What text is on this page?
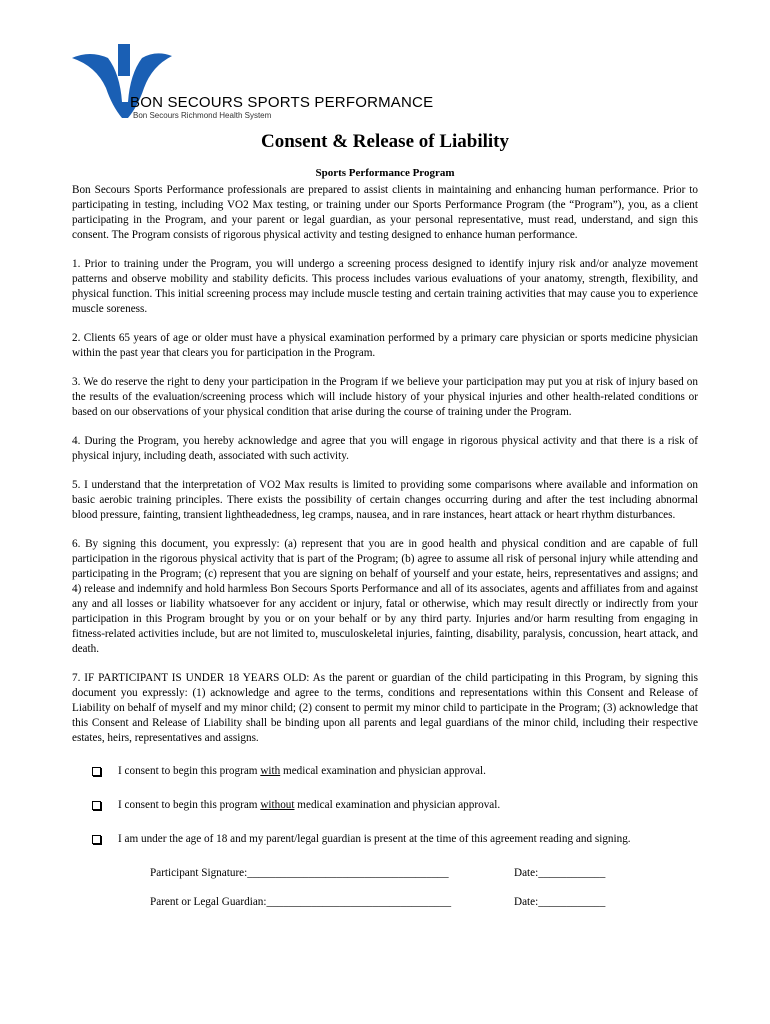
BON SECOURS SPORTS PERFORMANCE
Bon Secours Richmond Health System
Consent & Release of Liability
Sports Performance Program

Bon Secours Sports Performance professionals are prepared to assist clients in maintaining and enhancing human performance. Prior to participating in testing, including VO2 Max testing, or training under our Sports Performance Program (the “Program”), you, as a client participating in the Program, and your parent or legal guardian, as your personal representative, must read, understand, and sign this consent. The Program consists of rigorous physical activity and testing designed to enhance human performance.

1. Prior to training under the Program, you will undergo a screening process designed to identify injury risk and/or analyze movement patterns and observe mobility and stability deficits. This process includes various evaluations of your anatomy, strength, flexibility, and physical function. This initial screening process may include muscle testing and certain training activities that may cause you to experience muscle soreness.

2. Clients 65 years of age or older must have a physical examination performed by a primary care physician or sports medicine physician within the past year that clears you for participation in the Program.

3. We do reserve the right to deny your participation in the Program if we believe your participation may put you at risk of injury based on the results of the evaluation/screening process which will include history of your physical injuries and other health-related conditions or based on our observations of your physical condition that arise during the course of training under the Program.

4. During the Program, you hereby acknowledge and agree that you will engage in rigorous physical activity and that there is a risk of physical injury, including death, associated with such activity.

5. I understand that the interpretation of VO2 Max results is limited to providing some comparisons where available and information on basic aerobic training principles. There exists the possibility of certain changes occurring during and after the test including abnormal blood pressure, fainting, transient lightheadedness, leg cramps, nausea, and in rare instances, heart attack or heart rhythm disturbances.

6. By signing this document, you expressly: (a) represent that you are in good health and physical condition and are capable of full participation in the rigorous physical activity that is part of the Program; (b) agree to assume all risk of personal injury while attending and participating in the Program; (c) represent that you are signing on behalf of yourself and your estate, heirs, representatives and assigns; and 4) release and indemnify and hold harmless Bon Secours Sports Performance and all of its associates, agents and affiliates from and against any and all losses or liability whatsoever for any accident or injury, fatal or otherwise, which may result directly or indirectly from your participation in this Program brought by you or on your behalf or by any third party. Injuries and/or harm resulting from engaging in fitness-related activities include, but are not limited to, musculoskeletal injuries, fainting, disability, paralysis, concussion, heart attack, and death.

7. IF PARTICIPANT IS UNDER 18 YEARS OLD: As the parent or guardian of the child participating in this Program, by signing this document you expressly: (1) acknowledge and agree to the terms, conditions and representations within this Consent and Release of Liability on behalf of myself and my minor child; (2) consent to permit my minor child to participate in the Program; (3) acknowledge that this Consent and Release of Liability shall be binding upon all parents and legal guardians of the minor child, including their respective estates, heirs, representatives and assigns.

I consent to begin this program with medical examination and physician approval.
I consent to begin this program without medical examination and physician approval.
I am under the age of 18 and my parent/legal guardian is present at the time of this agreement reading and signing.
Participant Signature:____________________________________	Date:____________
Parent or Legal Guardian:_________________________________	Date:____________
